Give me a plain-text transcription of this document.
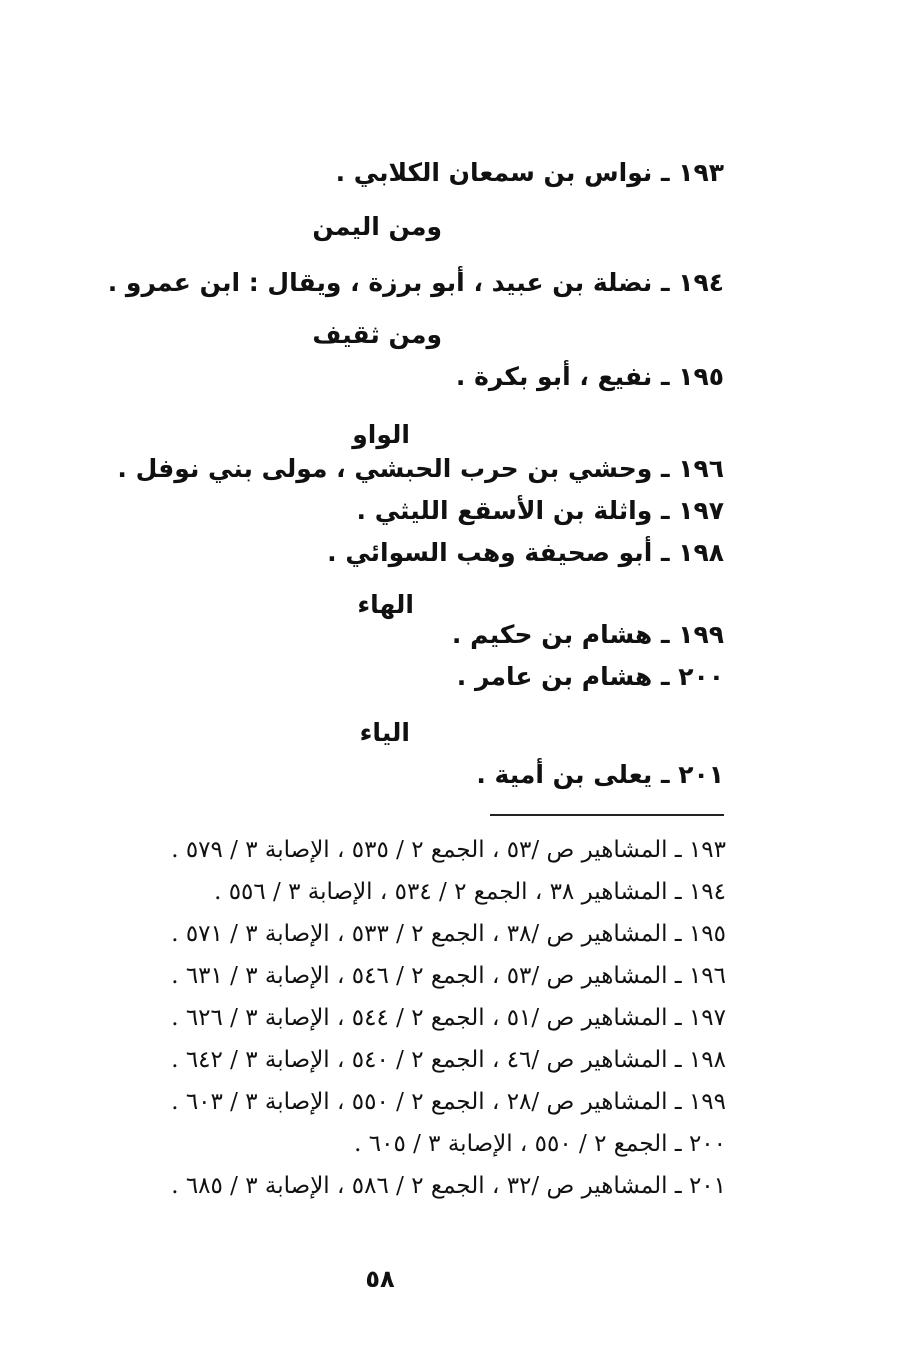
١٩٣ ـ نواس بن سمعان الكلابي .
ومن اليمن
١٩٤ ـ نضلة بن عبيد ، أبو برزة ، ويقال : ابن عمرو .
ومن ثقيف
١٩٥ ـ نفيع ، أبو بكرة .
الواو
١٩٦ ـ وحشي بن حرب الحبشي ، مولى بني نوفل .
١٩٧ ـ واثلة بن الأسقع الليثي .
١٩٨ ـ أبو صحيفة وهب السوائي .
الهاء
١٩٩ ـ هشام بن حكيم .
٢٠٠ ـ هشام بن عامر .
الياء
٢٠١ ـ يعلى بن أمية .
١٩٣ ـ المشاهير ص /٥٣ ، الجمع ٢ / ٥٣٥ ، الإصابة ٣ / ٥٧٩ .
١٩٤ ـ المشاهير ٣٨ ، الجمع ٢ / ٥٣٤ ، الإصابة ٣ / ٥٥٦ .
١٩٥ ـ المشاهير ص /٣٨ ، الجمع ٢ / ٥٣٣ ، الإصابة ٣ / ٥٧١ .
١٩٦ ـ المشاهير ص /٥٣ ، الجمع ٢ / ٥٤٦ ، الإصابة ٣ / ٦٣١ .
١٩٧ ـ المشاهير ص /٥١ ، الجمع ٢ / ٥٤٤ ، الإصابة ٣ / ٦٢٦ .
١٩٨ ـ المشاهير ص /٤٦ ، الجمع ٢ / ٥٤٠ ، الإصابة ٣ / ٦٤٢ .
١٩٩ ـ المشاهير ص /٢٨ ، الجمع ٢ / ٥٥٠ ، الإصابة ٣ / ٦٠٣ .
٢٠٠ ـ الجمع ٢ / ٥٥٠ ، الإصابة ٣ / ٦٠٥ .
٢٠١ ـ المشاهير ص /٣٢ ، الجمع ٢ / ٥٨٦ ، الإصابة ٣ / ٦٨٥ .
٥٨
